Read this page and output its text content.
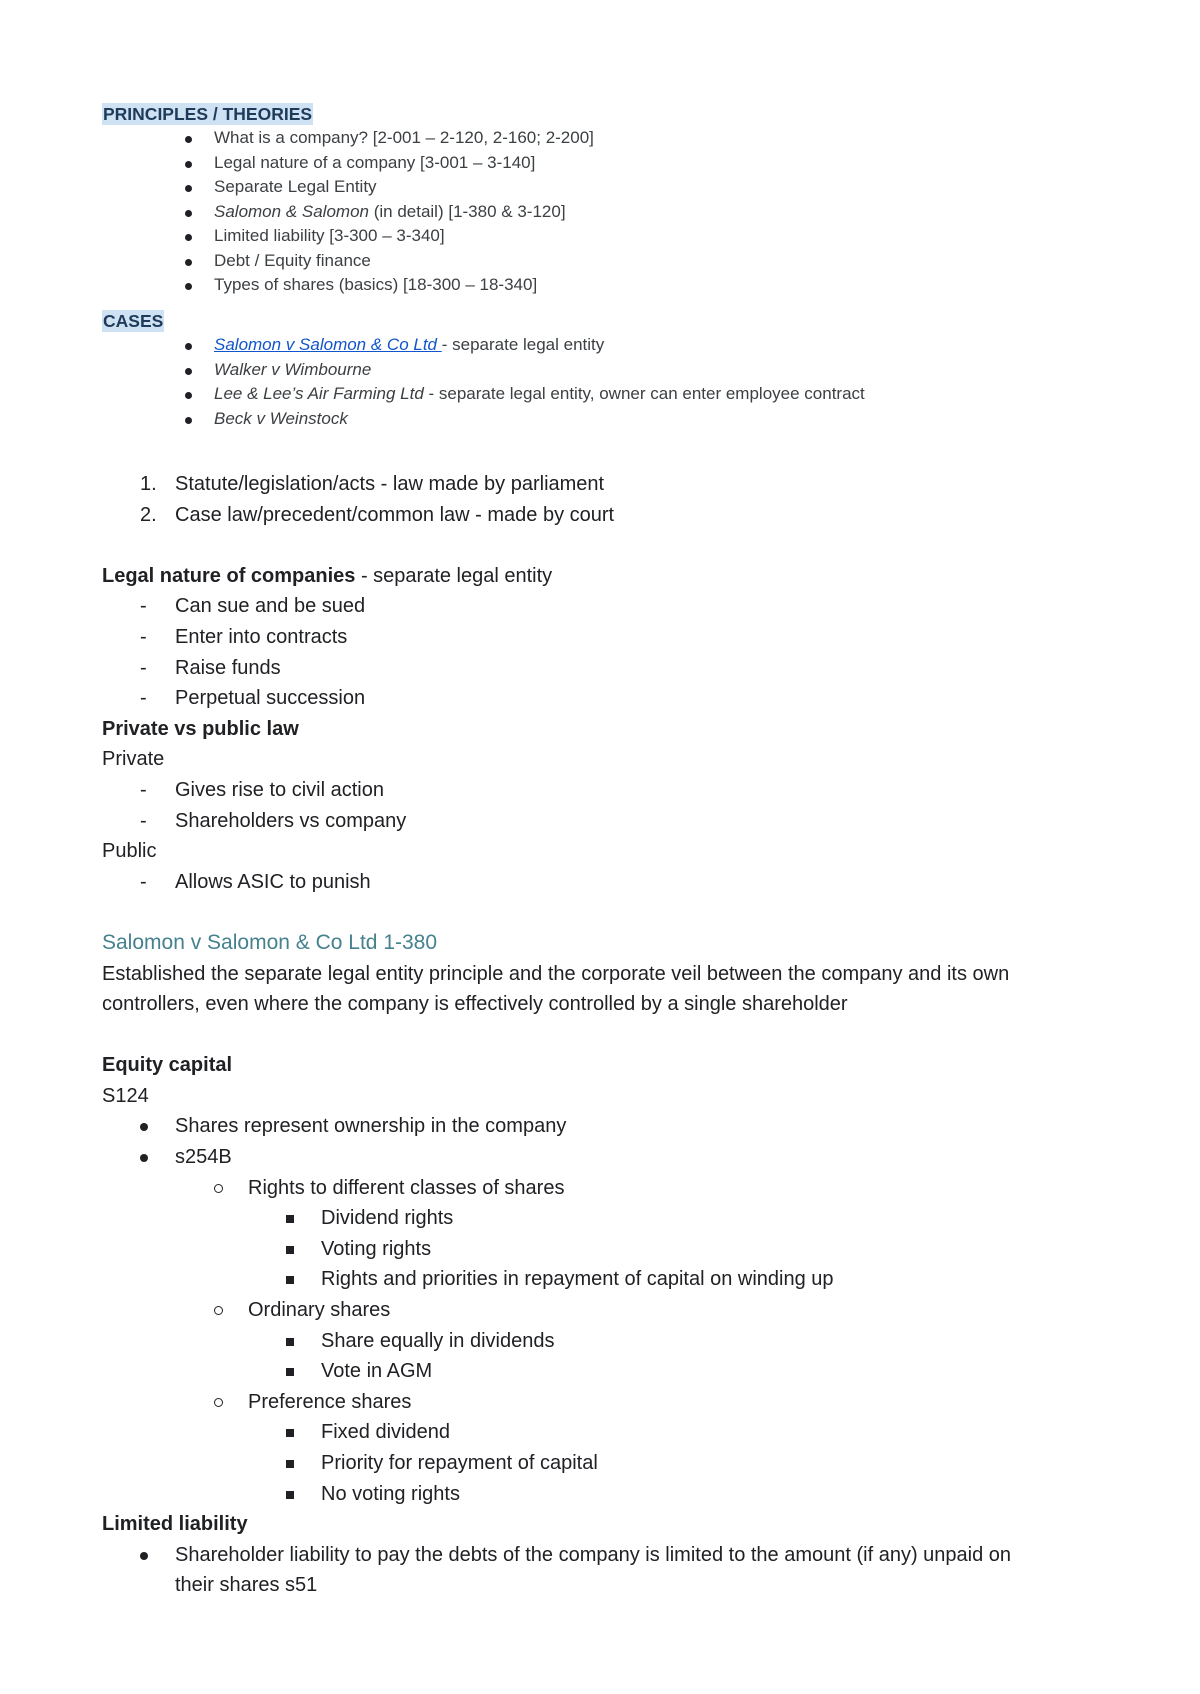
PRINCIPLES / THEORIES
What is a company? [2-001 – 2-120, 2-160; 2-200]
Legal nature of a company [3-001 – 3-140]
Separate Legal Entity
Salomon & Salomon (in detail) [1-380 & 3-120]
Limited liability [3-300 – 3-340]
Debt / Equity finance
Types of shares (basics) [18-300 – 18-340]
CASES
Salomon v Salomon & Co Ltd - separate legal entity
Walker v Wimbourne
Lee & Lee’s Air Farming Ltd - separate legal entity, owner can enter employee contract
Beck v Weinstock
1. Statute/legislation/acts - law made by parliament
2. Case law/precedent/common law - made by court
Legal nature of companies - separate legal entity
- Can sue and be sued
- Enter into contracts
- Raise funds
- Perpetual succession
Private vs public law
Private
- Gives rise to civil action
- Shareholders vs company
Public
- Allows ASIC to punish
Salomon v Salomon & Co Ltd 1-380
Established the separate legal entity principle and the corporate veil between the company and its own
controllers, even where the company is effectively controlled by a single shareholder
Equity capital
S124
Shares represent ownership in the company
s254B
Rights to different classes of shares
Dividend rights
Voting rights
Rights and priorities in repayment of capital on winding up
Ordinary shares
Share equally in dividends
Vote in AGM
Preference shares
Fixed dividend
Priority for repayment of capital
No voting rights
Limited liability
Shareholder liability to pay the debts of the company is limited to the amount (if any) unpaid on
their shares s51
